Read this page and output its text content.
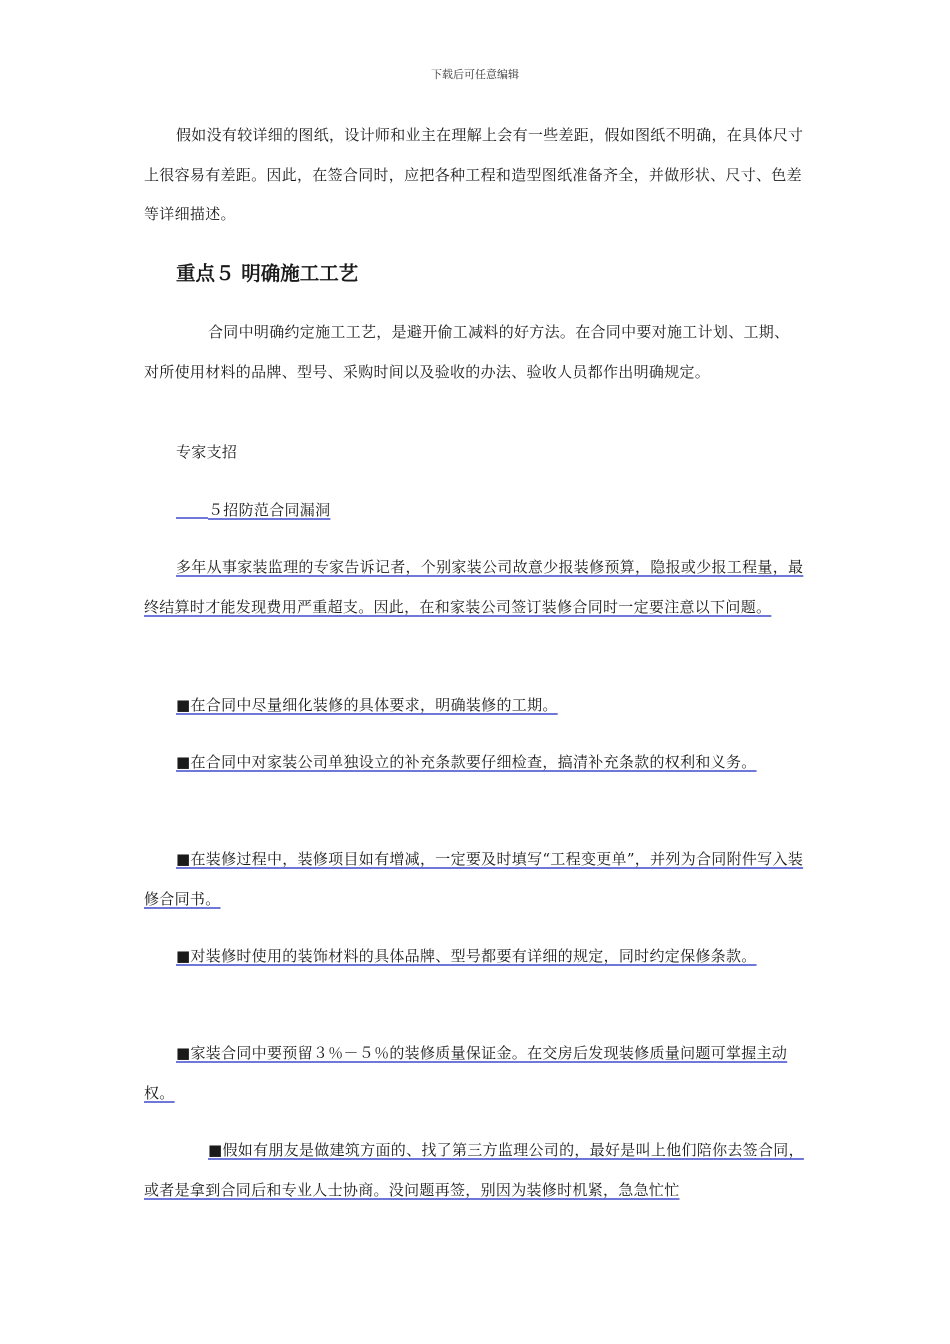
下载后可任意编辑
假如没有较详细的图纸，设计师和业主在理解上会有一些差距，假如图纸不明确，在具体尺寸上很容易有差距。因此，在签合同时，应把各种工程和造型图纸准备齐全，并做形状、尺寸、色差等详细描述。
重点５ 明确施工工艺
合同中明确约定施工工艺，是避开偷工减料的好方法。在合同中要对施工计划、工期、对所使用材料的品牌、型号、采购时间以及验收的办法、验收人员都作出明确规定。
专家支招
５招防范合同漏洞
多年从事家装监理的专家告诉记者，个别家装公司故意少报装修预算，隐报或少报工程量，最终结算时才能发现费用严重超支。因此，在和家装公司签订装修合同时一定要注意以下问题。
■在合同中尽量细化装修的具体要求，明确装修的工期。
■在合同中对家装公司单独设立的补充条款要仔细检查，搞清补充条款的权利和义务。
■在装修过程中，装修项目如有增减，一定要及时填写“工程变更单”，并列为合同附件写入装修合同书。
■对装修时使用的装饰材料的具体品牌、型号都要有详细的规定，同时约定保修条款。
■家装合同中要预留３％－５％的装修质量保证金。在交房后发现装修质量问题可掌握主动权。
■假如有朋友是做建筑方面的、找了第三方监理公司的，最好是叫上他们陪你去签合同，或者是拿到合同后和专业人士协商。没问题再签，别因为装修时机紧，急急忙忙
